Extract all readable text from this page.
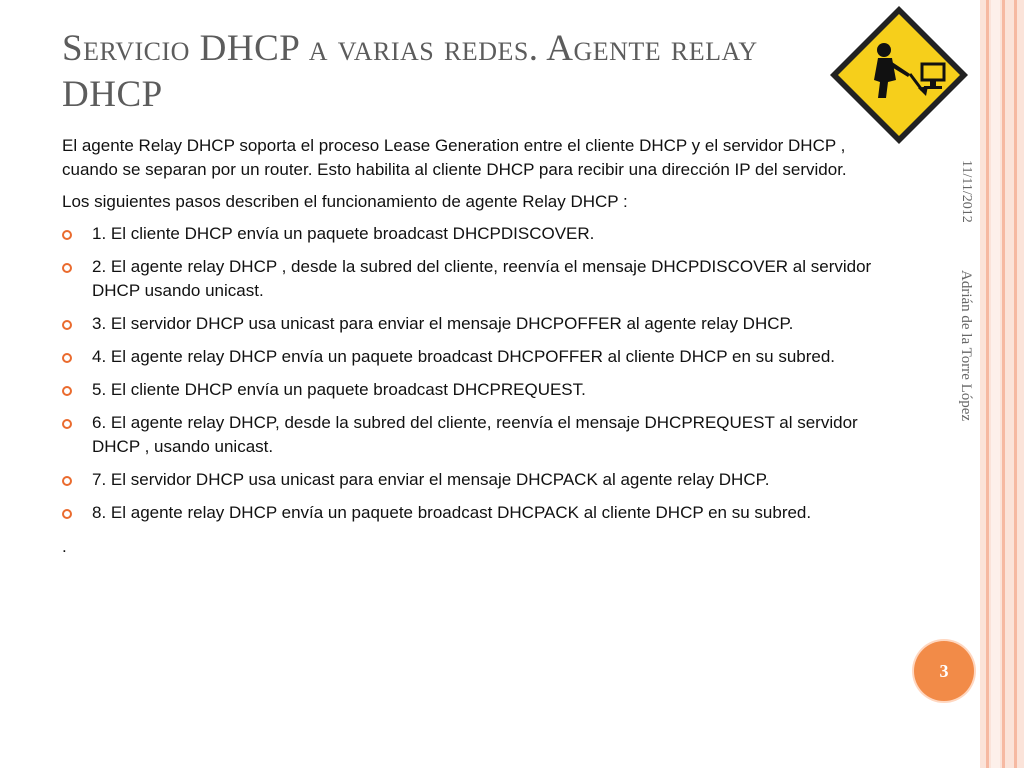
Servicio DHCP a varias redes. Agente relay DHCP

El agente Relay DHCP soporta el proceso Lease Generation entre el cliente DHCP y el servidor DHCP , cuando se separan por un router. Esto habilita al cliente DHCP para recibir una dirección IP del servidor.

Los siguientes pasos describen el funcionamiento de agente Relay DHCP :

1. El cliente DHCP envía un paquete broadcast DHCPDISCOVER.
2. El agente relay DHCP , desde la subred del cliente, reenvía el mensaje DHCPDISCOVER al servidor DHCP usando unicast.
3. El servidor DHCP usa unicast para enviar el mensaje DHCPOFFER al agente relay DHCP.
4. El agente relay DHCP envía un paquete broadcast DHCPOFFER al cliente DHCP en su subred.
5. El cliente DHCP envía un paquete broadcast DHCPREQUEST.
6. El agente relay DHCP, desde la subred del cliente, reenvía el mensaje DHCPREQUEST al servidor DHCP , usando unicast.
7. El servidor DHCP usa unicast para enviar el mensaje DHCPACK al agente relay DHCP.
8. El agente relay DHCP envía un paquete broadcast DHCPACK al cliente DHCP en su subred.
.
11/11/2012
Adrián de la Torre López
3
